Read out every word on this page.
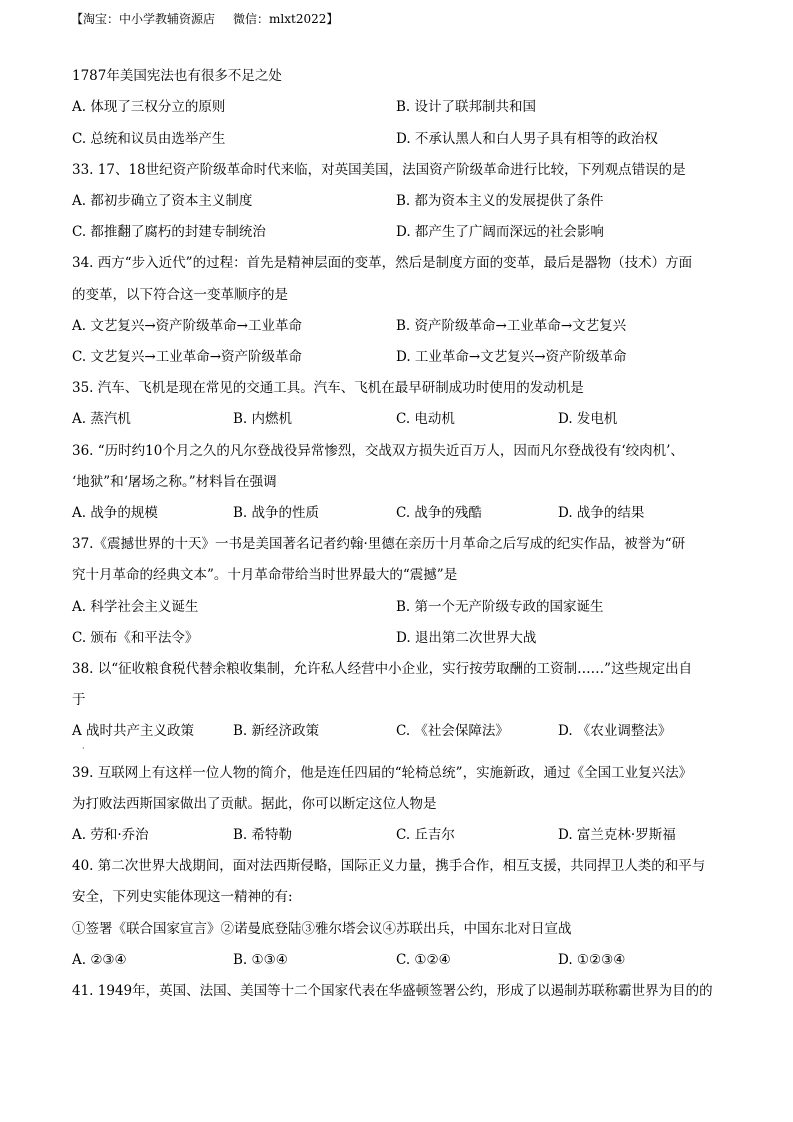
【淘宝：中小学教辅资源店 微信：mlxt2022】
1787年美国宪法也有很多不足之处
A. 体现了三权分立的原则	B. 设计了联邦制共和国
C. 总统和议员由选举产生	D. 不承认黑人和白人男子具有相等的政治权
33. 17、18世纪资产阶级革命时代来临，对英国美国，法国资产阶级革命进行比较，下列观点错误的是
A. 都初步确立了资本主义制度	B. 都为资本主义的发展提供了条件
C. 都推翻了腐朽的封建专制统治	D. 都产生了广阔而深远的社会影响
34. 西方“步入近代”的过程：首先是精神层面的变革，然后是制度方面的变革，最后是器物（技术）方面
的变革，以下符合这一变革顺序的是
A. 文艺复兴→资产阶级革命→工业革命	B. 资产阶级革命→工业革命→文艺复兴
C. 文艺复兴→工业革命→资产阶级革命	D. 工业革命→文艺复兴→资产阶级革命
35. 汽车、飞机是现在常见的交通工具。汽车、飞机在最早研制成功时使用的发动机是
A. 蒸汽机	B. 内燃机	C. 电动机	D. 发电机
36. “历时约10个月之久的凡尔登战役异常惨烈，交战双方损失近百万人，因而凡尔登战役有‘绞肉机’、
‘地狱”和‘屠场之称。”材料旨在强调
A. 战争的规模	B. 战争的性质	C. 战争的残酷	D. 战争的结果
37.《震撼世界的十天》一书是美国著名记者约翰·里德在亲历十月革命之后写成的纪实作品，被誉为“研
究十月革命的经典文本”。十月革命带给当时世界最大的“震撼”是
A. 科学社会主义诞生	B. 第一个无产阶级专政的国家诞生
C. 颁布《和平法令》	D. 退出第二次世界大战
38. 以“征收粮食税代替余粮收集制，允许私人经营中小企业，实行按劳取酬的工资制……”这些规定出自
于
A 战时共产主义政策	B. 新经济政策	C. 《社会保障法》	D. 《农业调整法》
·
39. 互联网上有这样一位人物的简介，他是连任四届的“轮椅总统”，实施新政，通过《全国工业复兴法》
为打败法西斯国家做出了贡献。据此，你可以断定这位人物是
A. 劳和·乔治	B. 希特勒	C. 丘吉尔	D. 富兰克林·罗斯福
40. 第二次世界大战期间，面对法西斯侵略，国际正义力量，携手合作，相互支援，共同捍卫人类的和平与
安全，下列史实能体现这一精神的有:
①签署《联合国家宣言》②诺曼底登陆③雅尔塔会议④苏联出兵，中国东北对日宣战
A. ②③④	B. ①③④	C. ①②④	D. ①②③④
41. 1949年，英国、法国、美国等十二个国家代表在华盛顿签署公约，形成了以遏制苏联称霸世界为目的的
